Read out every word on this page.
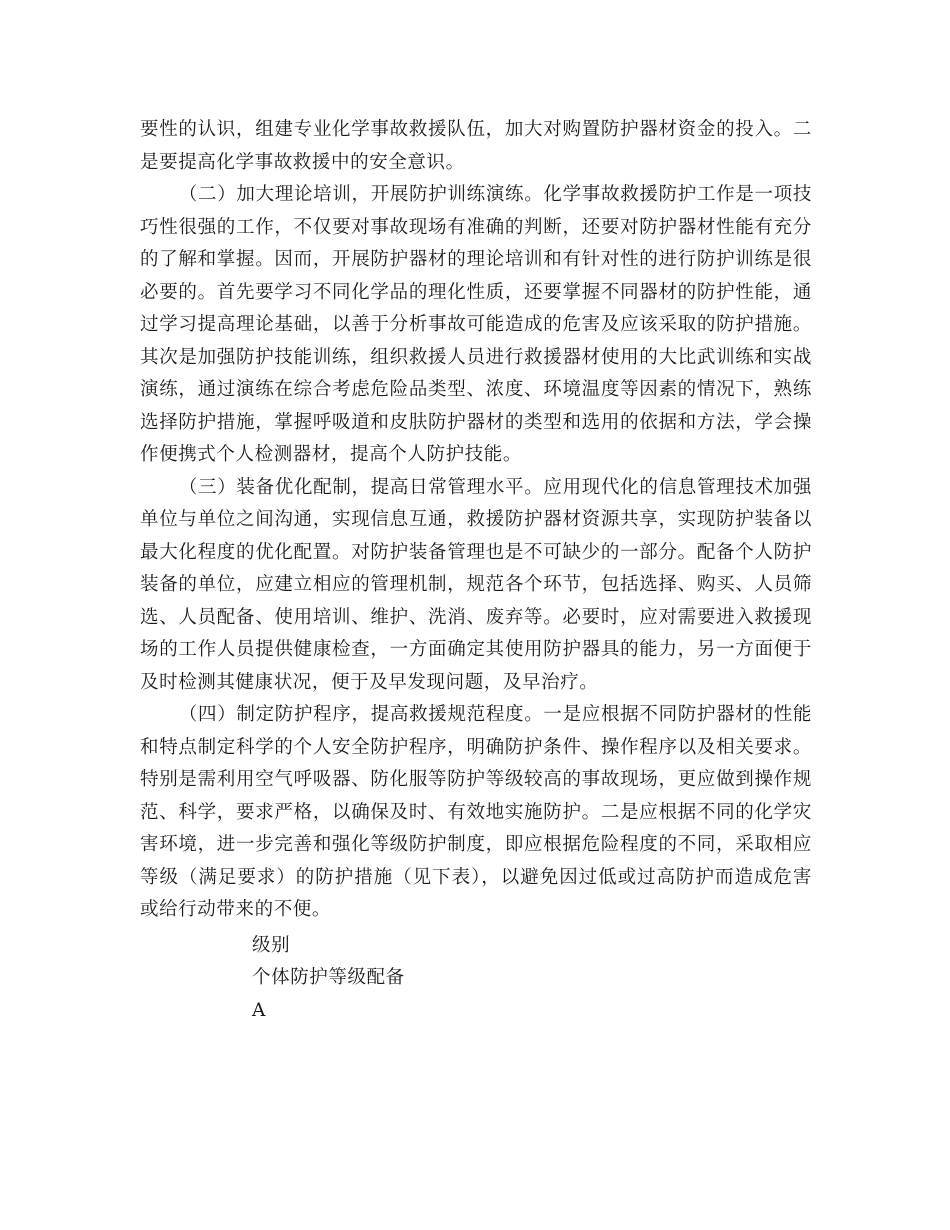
要性的认识，组建专业化学事故救援队伍，加大对购置防护器材资金的投入。二是要提高化学事故救援中的安全意识。

（二）加大理论培训，开展防护训练演练。化学事故救援防护工作是一项技巧性很强的工作，不仅要对事故现场有准确的判断，还要对防护器材性能有充分的了解和掌握。因而，开展防护器材的理论培训和有针对性的进行防护训练是很必要的。首先要学习不同化学品的理化性质，还要掌握不同器材的防护性能，通过学习提高理论基础，以善于分析事故可能造成的危害及应该采取的防护措施。其次是加强防护技能训练，组织救援人员进行救援器材使用的大比武训练和实战演练，通过演练在综合考虑危险品类型、浓度、环境温度等因素的情况下，熟练选择防护措施，掌握呼吸道和皮肤防护器材的类型和选用的依据和方法，学会操作便携式个人检测器材，提高个人防护技能。

（三）装备优化配制，提高日常管理水平。应用现代化的信息管理技术加强单位与单位之间沟通，实现信息互通，救援防护器材资源共享，实现防护装备以最大化程度的优化配置。对防护装备管理也是不可缺少的一部分。配备个人防护装备的单位，应建立相应的管理机制，规范各个环节，包括选择、购买、人员筛选、人员配备、使用培训、维护、洗消、废弃等。必要时，应对需要进入救援现场的工作人员提供健康检查，一方面确定其使用防护器具的能力，另一方面便于及时检测其健康状况，便于及早发现问题，及早治疗。

（四）制定防护程序，提高救援规范程度。一是应根据不同防护器材的性能和特点制定科学的个人安全防护程序，明确防护条件、操作程序以及相关要求。特别是需利用空气呼吸器、防化服等防护等级较高的事故现场，更应做到操作规范、科学，要求严格，以确保及时、有效地实施防护。二是应根据不同的化学灾害环境，进一步完善和强化等级防护制度，即应根据危险程度的不同，采取相应等级（满足要求）的防护措施（见下表），以避免因过低或过高防护而造成危害或给行动带来的不便。

级别
个体防护等级配备
A
